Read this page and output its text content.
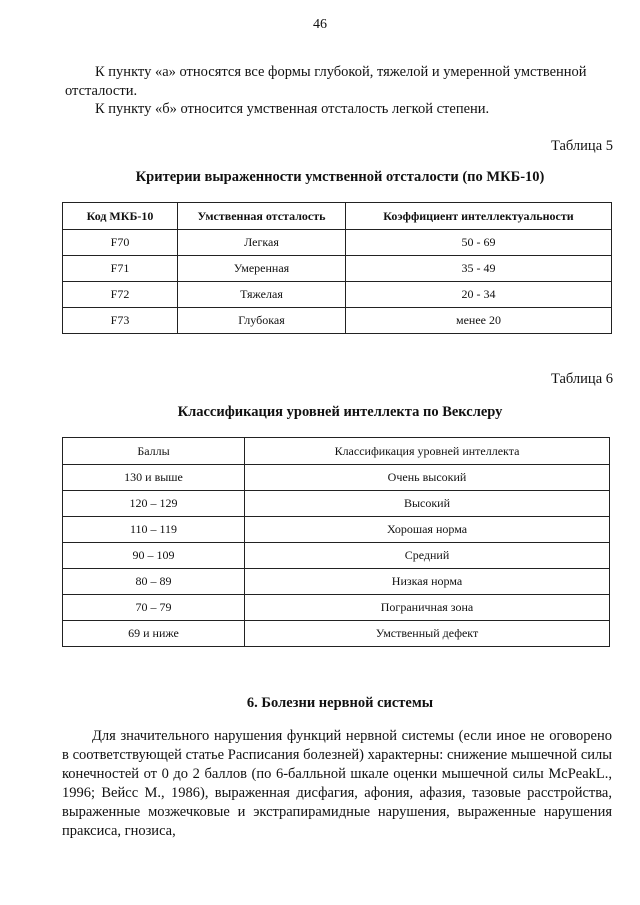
46
К пункту «а» относятся все формы глубокой, тяжелой и умеренной умственной отсталости.
К пункту «б» относится умственная отсталость легкой степени.
Таблица 5
Критерии выраженности умственной отсталости (по МКБ-10)
Код МКБ-10	Умственная отсталость	Коэффициент интеллектуальности
F70	Легкая	50 - 69
F71	Умеренная	35 - 49
F72	Тяжелая	20 - 34
F73	Глубокая	менее 20
Таблица 6
Классификация уровней интеллекта по Векслеру
Баллы	Классификация уровней интеллекта
130 и выше	Очень высокий
120 – 129	Высокий
110 – 119	Хорошая норма
90 – 109	Средний
80 – 89	Низкая норма
70 – 79	Пограничная зона
69 и ниже	Умственный дефект
6. Болезни нервной системы
Для значительного нарушения функций нервной системы (если иное не оговорено в соответствующей статье Расписания болезней) характерны: снижение мышечной силы конечностей от 0 до 2 баллов (по 6-балльной шкале оценки мышечной силы McPeakL., 1996; Вейсс М., 1986), выраженная дисфагия, афония, афазия, тазовые расстройства, выраженные мозжечковые и экстрапирамидные нарушения, выраженные нарушения праксиса, гнозиса,
